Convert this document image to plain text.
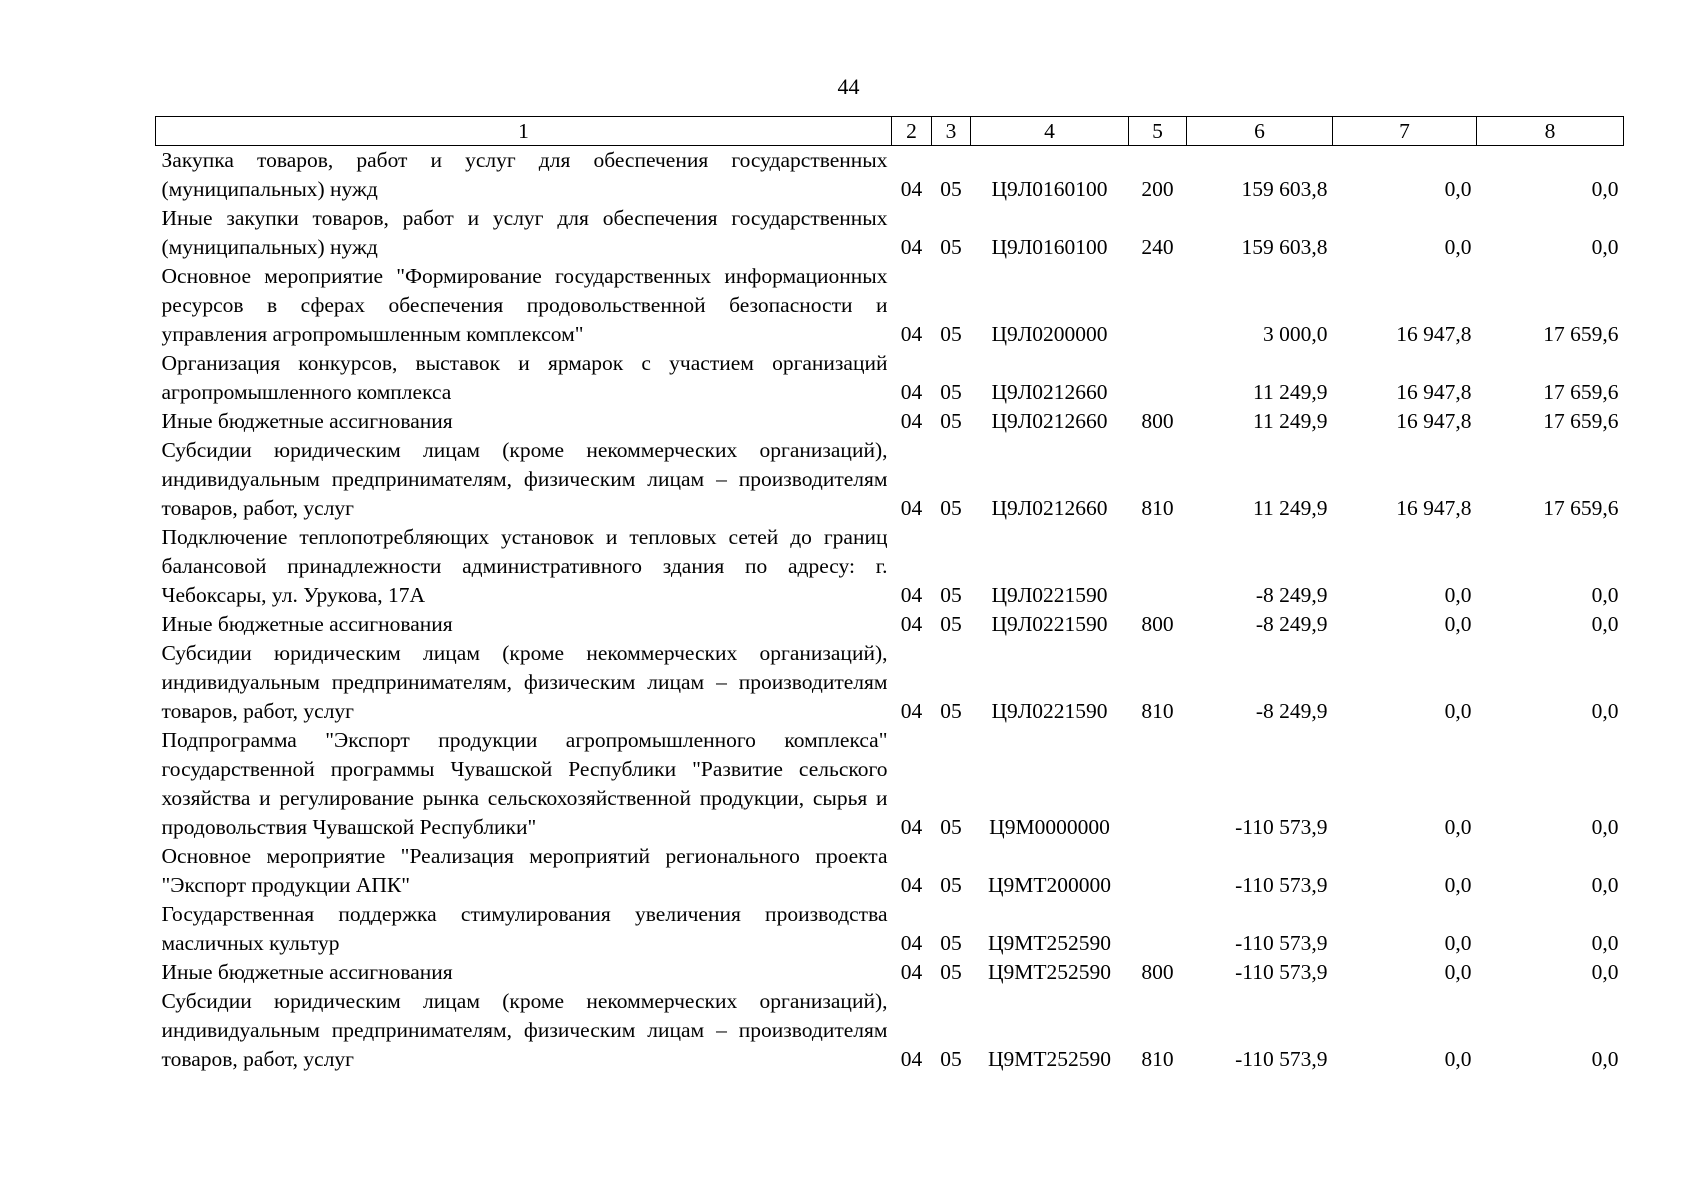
44
1	2	3	4	5	6	7	8
Закупка товаров, работ и услуг для обеспечения государственных (муниципальных) нужд	04	05	Ц9Л0160100	200	159 603,8	0,0	0,0
Иные закупки товаров, работ и услуг для обеспечения государственных (муниципальных) нужд	04	05	Ц9Л0160100	240	159 603,8	0,0	0,0
Основное мероприятие "Формирование государственных информационных ресурсов в сферах обеспечения продовольственной безопасности и управления агропромышленным комплексом"	04	05	Ц9Л0200000		3 000,0	16 947,8	17 659,6
Организация конкурсов, выставок и ярмарок с участием организаций агропромышленного комплекса	04	05	Ц9Л0212660		11 249,9	16 947,8	17 659,6
Иные бюджетные ассигнования	04	05	Ц9Л0212660	800	11 249,9	16 947,8	17 659,6
Субсидии юридическим лицам (кроме некоммерческих организаций), индивидуальным предпринимателям, физическим лицам – производителям товаров, работ, услуг	04	05	Ц9Л0212660	810	11 249,9	16 947,8	17 659,6
Подключение теплопотребляющих установок и тепловых сетей до границ балансовой принадлежности административного здания по адресу: г. Чебоксары, ул. Урукова, 17А	04	05	Ц9Л0221590		-8 249,9	0,0	0,0
Иные бюджетные ассигнования	04	05	Ц9Л0221590	800	-8 249,9	0,0	0,0
Субсидии юридическим лицам (кроме некоммерческих организаций), индивидуальным предпринимателям, физическим лицам – производителям товаров, работ, услуг	04	05	Ц9Л0221590	810	-8 249,9	0,0	0,0
Подпрограмма "Экспорт продукции агропромышленного комплекса" государственной программы Чувашской Республики "Развитие сельского хозяйства и регулирование рынка сельскохозяйственной продукции, сырья и продовольствия Чувашской Республики"	04	05	Ц9М0000000		-110 573,9	0,0	0,0
Основное мероприятие "Реализация мероприятий регионального проекта "Экспорт продукции АПК"	04	05	Ц9МТ200000		-110 573,9	0,0	0,0
Государственная поддержка стимулирования увеличения производства масличных культур	04	05	Ц9МТ252590		-110 573,9	0,0	0,0
Иные бюджетные ассигнования	04	05	Ц9МТ252590	800	-110 573,9	0,0	0,0
Субсидии юридическим лицам (кроме некоммерческих организаций), индивидуальным предпринимателям, физическим лицам – производителям товаров, работ, услуг	04	05	Ц9МТ252590	810	-110 573,9	0,0	0,0
